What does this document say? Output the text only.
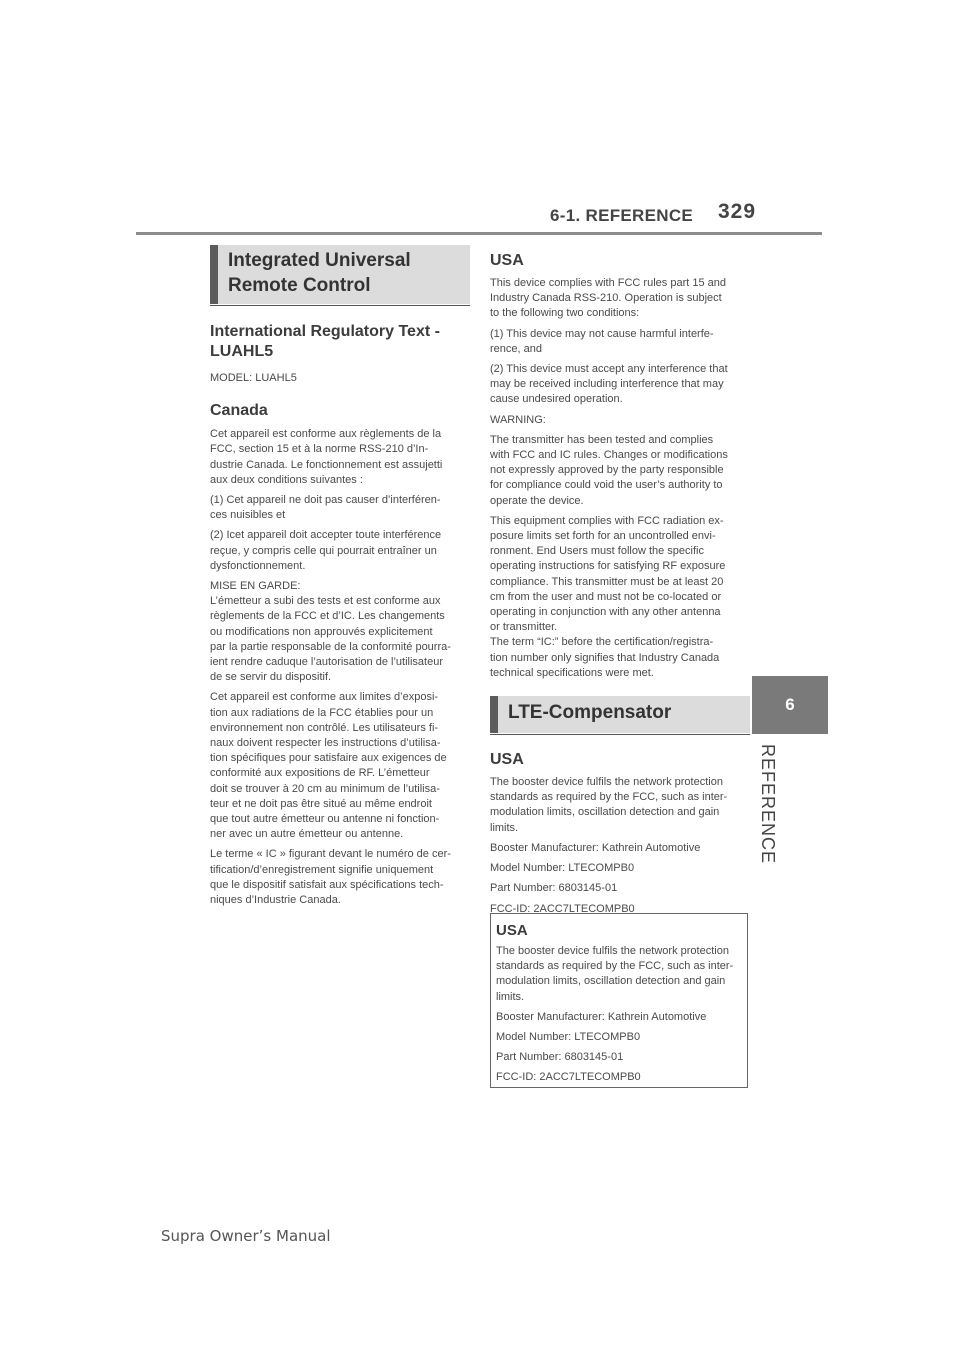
6-1. REFERENCE 329
6
REFERENCE
Integrated Universal
Remote Control
International Regulatory Text -
LUAHL5

MODEL: LUAHL5

Canada

Cet appareil est conforme aux règlements de la
FCC, section 15 et à la norme RSS-210 d’In-
dustrie Canada. Le fonctionnement est assujetti
aux deux conditions suivantes :

(1) Cet appareil ne doit pas causer d’interféren-
ces nuisibles et

(2) Icet appareil doit accepter toute interférence
reçue, y compris celle qui pourrait entraîner un
dysfonctionnement.

MISE EN GARDE:
L’émetteur a subi des tests et est conforme aux
règlements de la FCC et d’IC. Les changements
ou modifications non approuvés explicitement
par la partie responsable de la conformité pourra-
ient rendre caduque l’autorisation de l’utilisateur
de se servir du dispositif.

Cet appareil est conforme aux limites d’exposi-
tion aux radiations de la FCC établies pour un
environnement non contrôlé. Les utilisateurs fi-
naux doivent respecter les instructions d’utilisa-
tion spécifiques pour satisfaire aux exigences de
conformité aux expositions de RF. L’émetteur
doit se trouver à 20 cm au minimum de l’utilisa-
teur et ne doit pas être situé au même endroit
que tout autre émetteur ou antenne ni fonction-
ner avec un autre émetteur ou antenne.

Le terme « IC » figurant devant le numéro de cer-
tification/d’enregistrement signifie uniquement
que le dispositif satisfait aux spécifications tech-
niques d’Industrie Canada.

USA

This device complies with FCC rules part 15 and
Industry Canada RSS-210. Operation is subject
to the following two conditions:

(1) This device may not cause harmful interfe-
rence, and

(2) This device must accept any interference that
may be received including interference that may
cause undesired operation.

WARNING:

The transmitter has been tested and complies
with FCC and IC rules. Changes or modifications
not expressly approved by the party responsible
for compliance could void the user’s authority to
operate the device.

This equipment complies with FCC radiation ex-
posure limits set forth for an uncontrolled envi-
ronment. End Users must follow the specific
operating instructions for satisfying RF exposure
compliance. This transmitter must be at least 20
cm from the user and must not be co-located or
operating in conjunction with any other antenna
or transmitter.
The term “IC:” before the certification/registra-
tion number only signifies that Industry Canada
technical specifications were met.

LTE-Compensator
USA

The booster device fulfils the network protection
standards as required by the FCC, such as inter-
modulation limits, oscillation detection and gain
limits.

Booster Manufacturer: Kathrein Automotive

Model Number: LTECOMPB0

Part Number: 6803145-01

FCC-ID: 2ACC7LTECOMPB0

USA

The booster device fulfils the network protection
standards as required by the FCC, such as inter-
modulation limits, oscillation detection and gain
limits.

Booster Manufacturer: Kathrein Automotive

Model Number: LTECOMPB0

Part Number: 6803145-01

FCC-ID: 2ACC7LTECOMPB0

Supra Owner’s Manual
